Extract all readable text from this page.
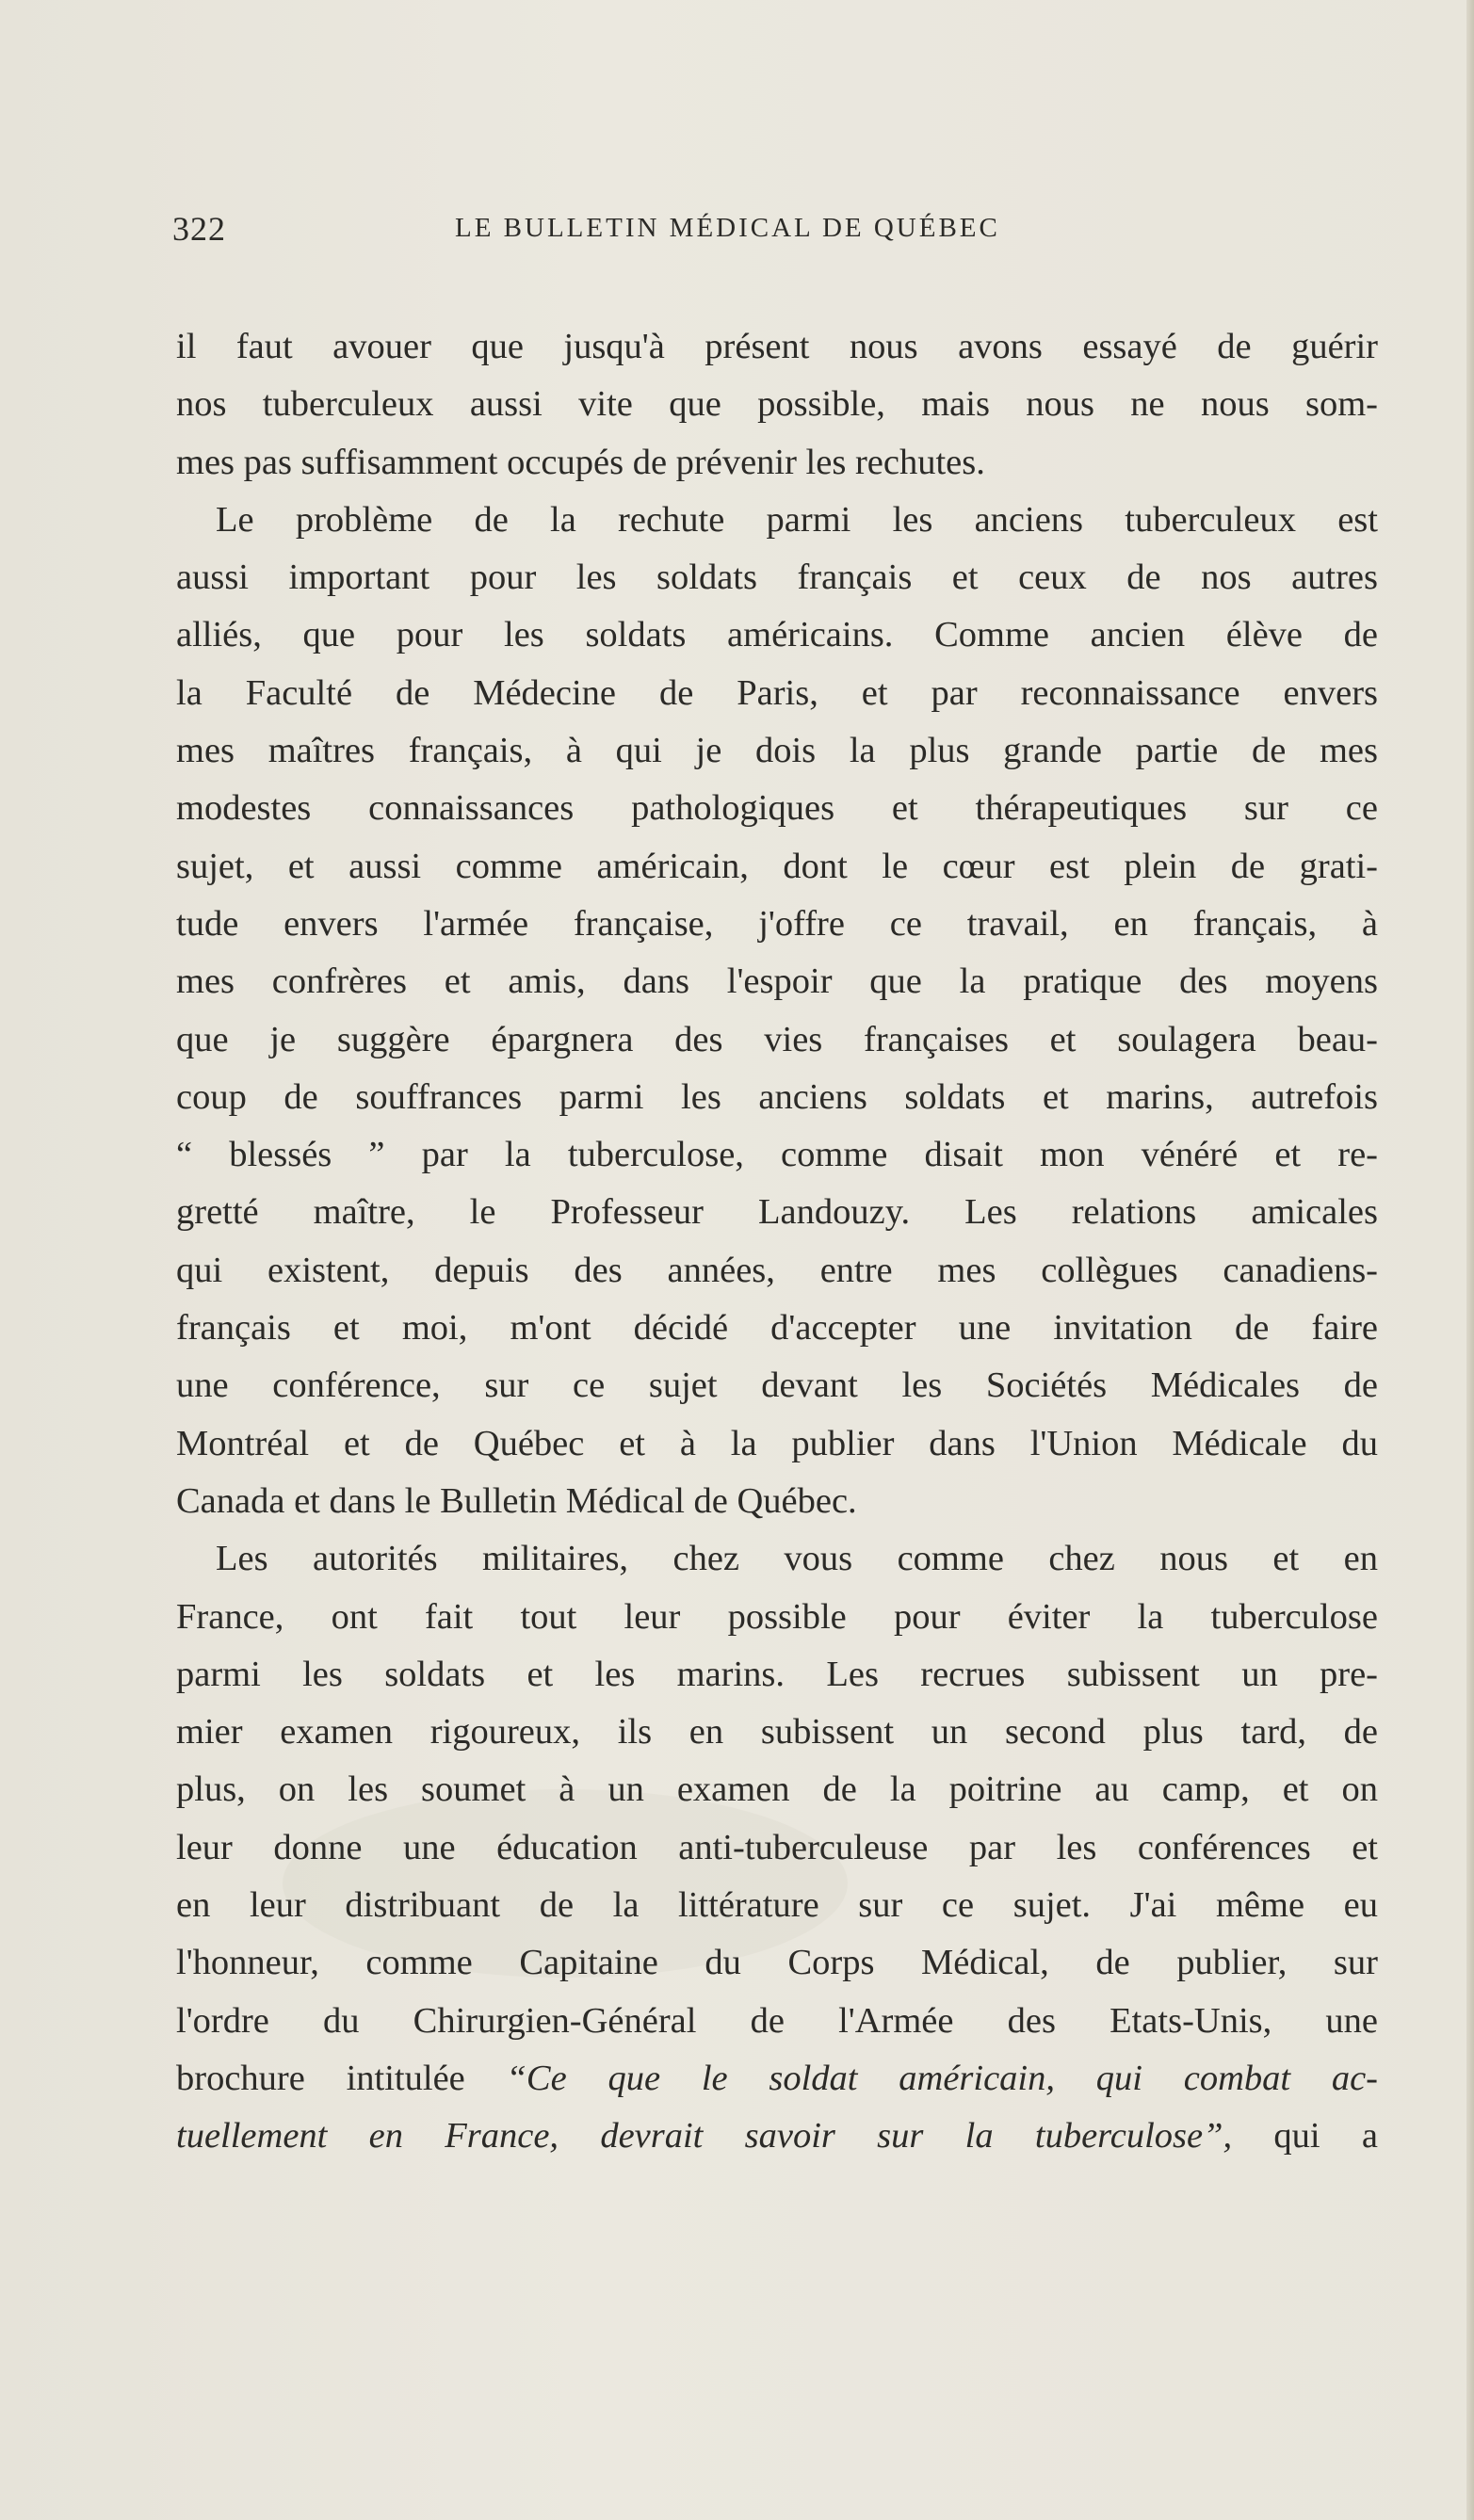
322	LE BULLETIN MÉDICAL DE QUÉBEC
il faut avouer que jusqu'à présent nous avons essayé de guérir
nos tuberculeux aussi vite que possible, mais nous ne nous som-
mes pas suffisamment occupés de prévenir les rechutes.
Le problème de la rechute parmi les anciens tuberculeux est
aussi important pour les soldats français et ceux de nos autres
alliés, que pour les soldats américains. Comme ancien élève de
la Faculté de Médecine de Paris, et par reconnaissance envers
mes maîtres français, à qui je dois la plus grande partie de mes
modestes connaissances pathologiques et thérapeutiques sur ce
sujet, et aussi comme américain, dont le cœur est plein de grati-
tude envers l'armée française, j'offre ce travail, en français, à
mes confrères et amis, dans l'espoir que la pratique des moyens
que je suggère épargnera des vies françaises et soulagera beau-
coup de souffrances parmi les anciens soldats et marins, autrefois
“ blessés ” par la tuberculose, comme disait mon vénéré et re-
gretté maître, le Professeur Landouzy. Les relations amicales
qui existent, depuis des années, entre mes collègues canadiens-
français et moi, m'ont décidé d'accepter une invitation de faire
une conférence, sur ce sujet devant les Sociétés Médicales de
Montréal et de Québec et à la publier dans l'Union Médicale du
Canada et dans le Bulletin Médical de Québec.
Les autorités militaires, chez vous comme chez nous et en
France, ont fait tout leur possible pour éviter la tuberculose
parmi les soldats et les marins. Les recrues subissent un pre-
mier examen rigoureux, ils en subissent un second plus tard, de
plus, on les soumet à un examen de la poitrine au camp, et on
leur donne une éducation anti-tuberculeuse par les conférences et
en leur distribuant de la littérature sur ce sujet. J'ai même eu
l'honneur, comme Capitaine du Corps Médical, de publier, sur
l'ordre du Chirurgien-Général de l'Armée des Etats-Unis, une
brochure intitulée “Ce que le soldat américain, qui combat ac-
tuellement en France, devrait savoir sur la tuberculose”, qui a
